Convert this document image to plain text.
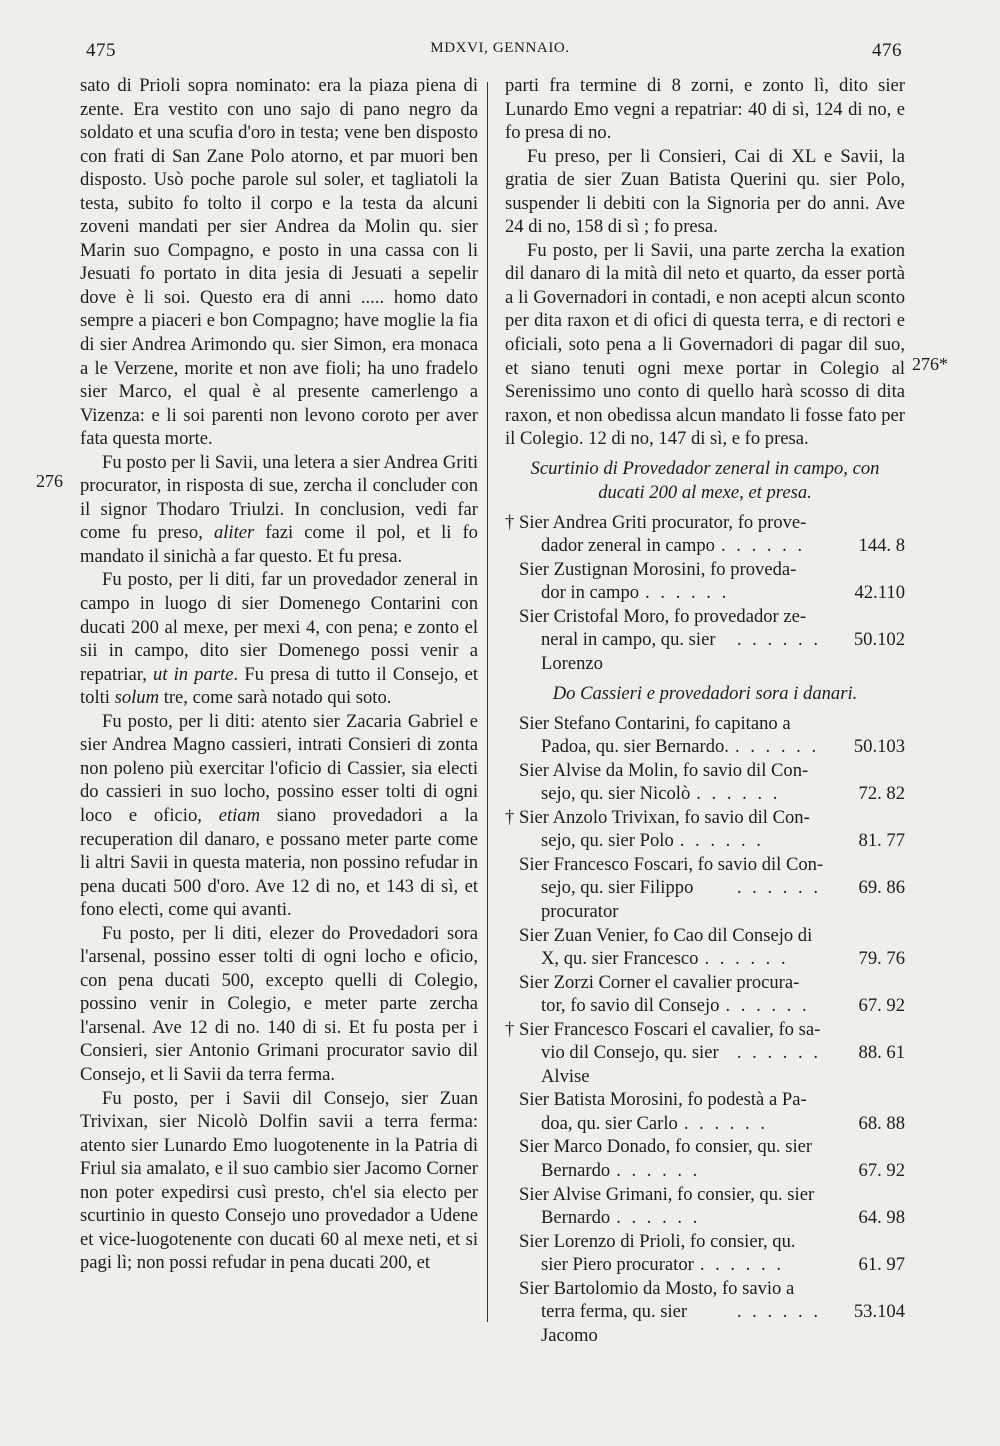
475	MDXVI, GENNAIO.	476
276
276*

sato di Prioli sopra nominato: era la piaza piena di zente. Era vestito con uno sajo di pano negro da soldato et una scufia d'oro in testa; vene ben disposto con frati di San Zane Polo atorno, et par muori ben disposto. Usò poche parole sul soler, et tagliatoli la testa, subito fo tolto il corpo e la testa da alcuni zoveni mandati per sier Andrea da Molin qu. sier Marin suo Compagno, e posto in una cassa con li Jesuati fo portato in dita jesia di Jesuati a sepelir dove è li soi. Questo era di anni ..... homo dato sempre a piaceri e bon Compagno; have moglie la fia di sier Andrea Arimondo qu. sier Simon, era monaca a le Verzene, morite et non ave fioli; ha uno fradelo sier Marco, el qual è al presente camerlengo a Vizenza: e li soi parenti non levono coroto per aver fata questa morte.

Fu posto per li Savii, una letera a sier Andrea Griti procurator, in risposta di sue, zercha il concluder con il signor Thodaro Triulzi. In conclusion, vedi far come fu preso, aliter fazi come il pol, et li fo mandato il sinichà a far questo. Et fu presa.

Fu posto, per li diti, far un provedador zeneral in campo in luogo di sier Domenego Contarini con ducati 200 al mexe, per mexi 4, con pena; e zonto el sii in campo, dito sier Domenego possi venir a repatriar, ut in parte. Fu presa di tutto il Consejo, et tolti solum tre, come sarà notado qui soto.

Fu posto, per li diti: atento sier Zacaria Gabriel e sier Andrea Magno cassieri, intrati Consieri di zonta non poleno più exercitar l'oficio di Cassier, sia electi do cassieri in suo locho, possino esser tolti di ogni loco e oficio, etiam siano provedadori a la recuperation dil danaro, e possano meter parte come li altri Savii in questa materia, non possino refudar in pena ducati 500 d'oro. Ave 12 di no, et 143 di sì, et fono electi, come qui avanti.

Fu posto, per li diti, elezer do Provedadori sora l'arsenal, possino esser tolti di ogni locho e oficio, con pena ducati 500, excepto quelli di Colegio, possino venir in Colegio, e meter parte zercha l'arsenal. Ave 12 di no. 140 di si. Et fu posta per i Consieri, sier Antonio Grimani procurator savio dil Consejo, et li Savii da terra ferma.

Fu posto, per i Savii dil Consejo, sier Zuan Trivixan, sier Nicolò Dolfin savii a terra ferma: atento sier Lunardo Emo luogotenente in la Patria di Friul sia amalato, e il suo cambio sier Jacomo Corner non poter expedirsi cusì presto, ch'el sia electo per scurtinio in questo Consejo uno provedador a Udene et vice-luogotenente con ducati 60 al mexe neti, et si pagi lì; non possi refudar in pena ducati 200, et

parti fra termine di 8 zorni, e zonto lì, dito sier Lunardo Emo vegni a repatriar: 40 di sì, 124 di no, e fo presa di no.

Fu preso, per li Consieri, Cai di XL e Savii, la gratia de sier Zuan Batista Querini qu. sier Polo, suspender li debiti con la Signoria per do anni. Ave 24 di no, 158 di sì ; fo presa.

Fu posto, per li Savii, una parte zercha la exation dil danaro di la mità dil neto et quarto, da esser portà a li Governadori in contadi, e non acepti alcun sconto per dita raxon et di ofici di questa terra, e di rectori e oficiali, soto pena a li Governadori di pagar dil suo, et siano tenuti ogni mexe portar in Colegio al Serenissimo uno conto di quello harà scosso di dita raxon, et non obedissa alcun mandato li fosse fato per il Colegio. 12 di no, 147 di sì, e fo presa.

Scurtinio di Provedador zeneral in campo, con
ducati 200 al mexe, et presa.
† Sier Andrea Griti procurator, fo prove-
dador zeneral in campo . . . . . .	144. 8
Sier Zustignan Morosini, fo proveda-
dor in campo . . . . . .	42.110
Sier Cristofal Moro, fo provedador ze-
neral in campo, qu. sier Lorenzo
. . . . . .	50.102
Do Cassieri e provedadori sora i danari.
Sier Stefano Contarini, fo capitano a
Padoa, qu. sier Bernardo. . . . . . .	50.103
Sier Alvise da Molin, fo savio dil Con-
sejo, qu. sier Nicolò . . . . . .	72. 82
† Sier Anzolo Trivixan, fo savio dil Con-
sejo, qu. sier Polo . . . . . .	81. 77
Sier Francesco Foscari, fo savio dil Con-
sejo, qu. sier Filippo procurator
. . . . . .	69. 86
Sier Zuan Venier, fo Cao dil Consejo di
X, qu. sier Francesco . . . . . .	79. 76
Sier Zorzi Corner el cavalier procura-
tor, fo savio dil Consejo . . . . . .	67. 92
† Sier Francesco Foscari el cavalier, fo sa-
vio dil Consejo, qu. sier Alvise
. . . . . .	88. 61
Sier Batista Morosini, fo podestà a Pa-
doa, qu. sier Carlo . . . . . .	68. 88
Sier Marco Donado, fo consier, qu. sier
Bernardo . . . . . .	67. 92
Sier Alvise Grimani, fo consier, qu. sier
Bernardo . . . . . .	64. 98
Sier Lorenzo di Prioli, fo consier, qu.
sier Piero procurator . . . . . .	61. 97
Sier Bartolomio da Mosto, fo savio a
terra ferma, qu. sier Jacomo
. . . . . .	53.104
